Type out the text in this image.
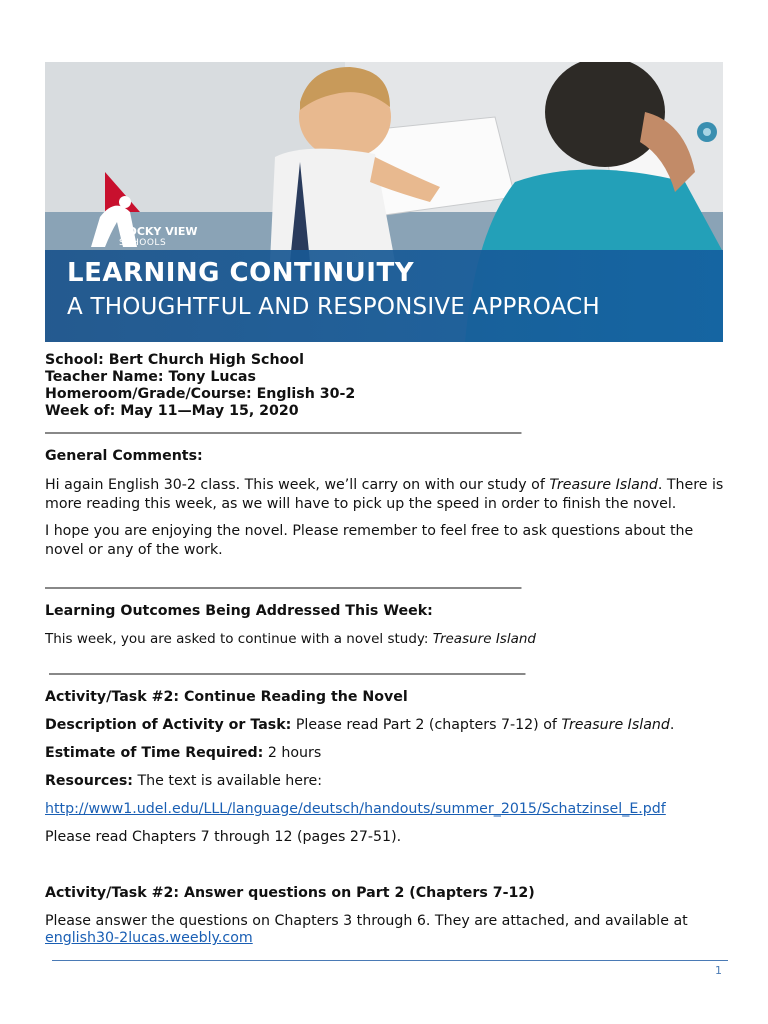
ROCKY VIEW
SCHOOLS
LEARNING CONTINUITY
A THOUGHTFUL AND RESPONSIVE APPROACH
School: Bert Church High School
Teacher Name: Tony Lucas
Homeroom/Grade/Course: English 30-2
Week of: May 11—May 15, 2020
______________________________________________________________________________
General Comments:

Hi again English 30-2 class. This week, we’ll carry on with our study of Treasure Island. There is more reading this week, as we will have to pick up the speed in order to finish the novel.

I hope you are enjoying the novel. Please remember to feel free to ask questions about the novel or any of the work.

______________________________________________________________________________
Learning Outcomes Being Addressed This Week:

This week, you are asked to continue with a novel study: Treasure Island

______________________________________________________________________________
Activity/Task #2: Continue Reading the Novel

Description of Activity or Task: Please read Part 2 (chapters 7-12) of Treasure Island.

Estimate of Time Required: 2 hours

Resources: The text is available here:

http://www1.udel.edu/LLL/language/deutsch/handouts/summer_2015/Schatzinsel_E.pdf

Please read Chapters 7 through 12 (pages 27-51).

Activity/Task #2: Answer questions on Part 2 (Chapters 7-12)

Please answer the questions on Chapters 3 through 6. They are attached, and available at english30-2lucas.weebly.com

1
